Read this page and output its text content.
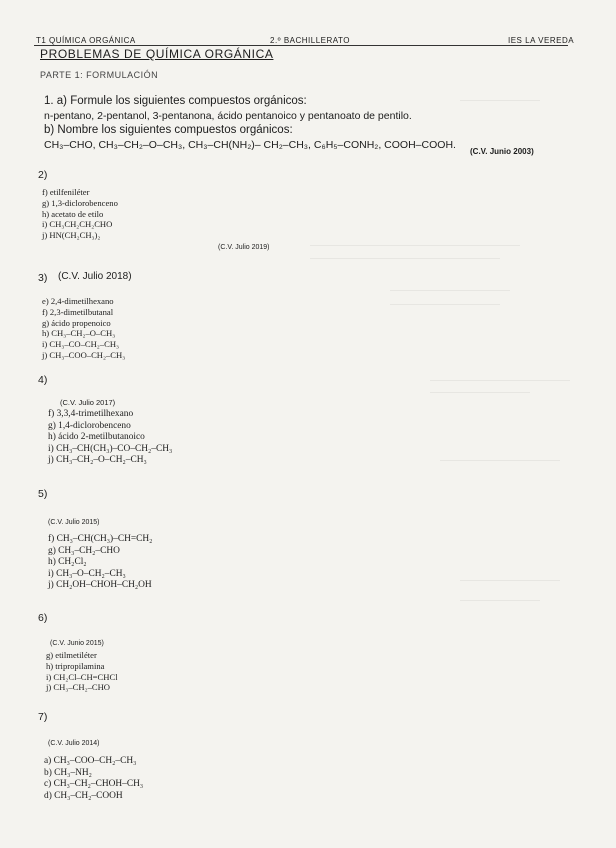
T1 QUÍMICA ORGÁNICA	2.º BACHILLERATO	IES LA VEREDA
PROBLEMAS DE QUÍMICA ORGÁNICA
PARTE 1: FORMULACIÓN
1. a) Formule los siguientes compuestos orgánicos:
n-pentano, 2-pentanol, 3-pentanona, ácido pentanoico y pentanoato de pentilo.
b) Nombre los siguientes compuestos orgánicos:
CH₃–CHO, CH₃–CH₂–O–CH₃, CH₃–CH(NH₂)– CH₂–CH₃, C₆H₅–CONH₂, COOH–COOH.
(C.V. Junio 2003)
2)
f) etilfeniléter
g) 1,3-diclorobenceno
h) acetato de etilo
i) CH₃CH₂CH₂CHO
j) HN(CH₂CH₃)₂
(C.V. Julio 2019)
3) (C.V. Julio 2018)
e) 2,4-dimetilhexano
f) 2,3-dimetilbutanal
g) ácido propenoico
h) CH₃–CH₂–O–CH₃
i) CH₃–CO–CH₂–CH₃
j) CH₃–COO–CH₂–CH₃
4)
(C.V. Julio 2017)
f) 3,3,4-trimetilhexano
g) 1,4-diclorobenceno
h) ácido 2-metilbutanoico
i) CH₃–CH(CH₃)–CO–CH₂–CH₃
j) CH₃–CH₂–O–CH₂–CH₃
5)
(C.V. Julio 2015)
f) CH₃–CH(CH₃)–CH=CH₂
g) CH₃–CH₂–CHO
h) CH₂Cl₂
i) CH₃–O–CH₂–CH₃
j) CH₂OH–CHOH–CH₂OH
6)
(C.V. Junio 2015)
g) etilmetiléter
h) tripropilamina
i) CH₂Cl–CH=CHCl
j) CH₃–CH₂–CHO
7)
(C.V. Julio 2014)
a) CH₃–COO–CH₂–CH₃
b) CH₃–NH₂
c) CH₃–CH₂–CHOH–CH₃
d) CH₃–CH₂–COOH
